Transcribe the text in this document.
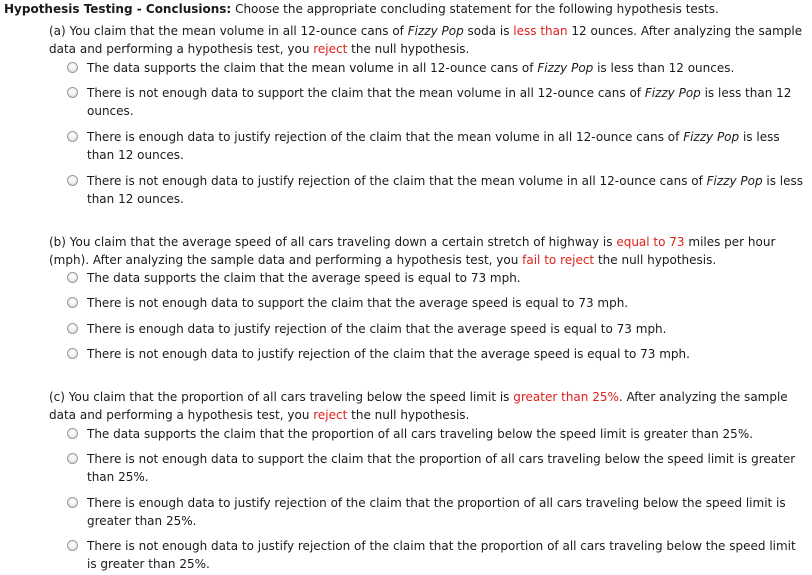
Hypothesis Testing - Conclusions: Choose the appropriate concluding statement for the following hypothesis tests.
(a) You claim that the mean volume in all 12-ounce cans of Fizzy Pop soda is less than 12 ounces. After analyzing the sample data and performing a hypothesis test, you reject the null hypothesis.
The data supports the claim that the mean volume in all 12-ounce cans of Fizzy Pop is less than 12 ounces.
There is not enough data to support the claim that the mean volume in all 12-ounce cans of Fizzy Pop is less than 12 ounces.
There is enough data to justify rejection of the claim that the mean volume in all 12-ounce cans of Fizzy Pop is less than 12 ounces.
There is not enough data to justify rejection of the claim that the mean volume in all 12-ounce cans of Fizzy Pop is less than 12 ounces.
(b) You claim that the average speed of all cars traveling down a certain stretch of highway is equal to 73 miles per hour (mph). After analyzing the sample data and performing a hypothesis test, you fail to reject the null hypothesis.
The data supports the claim that the average speed is equal to 73 mph.
There is not enough data to support the claim that the average speed is equal to 73 mph.
There is enough data to justify rejection of the claim that the average speed is equal to 73 mph.
There is not enough data to justify rejection of the claim that the average speed is equal to 73 mph.
(c) You claim that the proportion of all cars traveling below the speed limit is greater than 25%. After analyzing the sample data and performing a hypothesis test, you reject the null hypothesis.
The data supports the claim that the proportion of all cars traveling below the speed limit is greater than 25%.
There is not enough data to support the claim that the proportion of all cars traveling below the speed limit is greater than 25%.
There is enough data to justify rejection of the claim that the proportion of all cars traveling below the speed limit is greater than 25%.
There is not enough data to justify rejection of the claim that the proportion of all cars traveling below the speed limit is greater than 25%.
